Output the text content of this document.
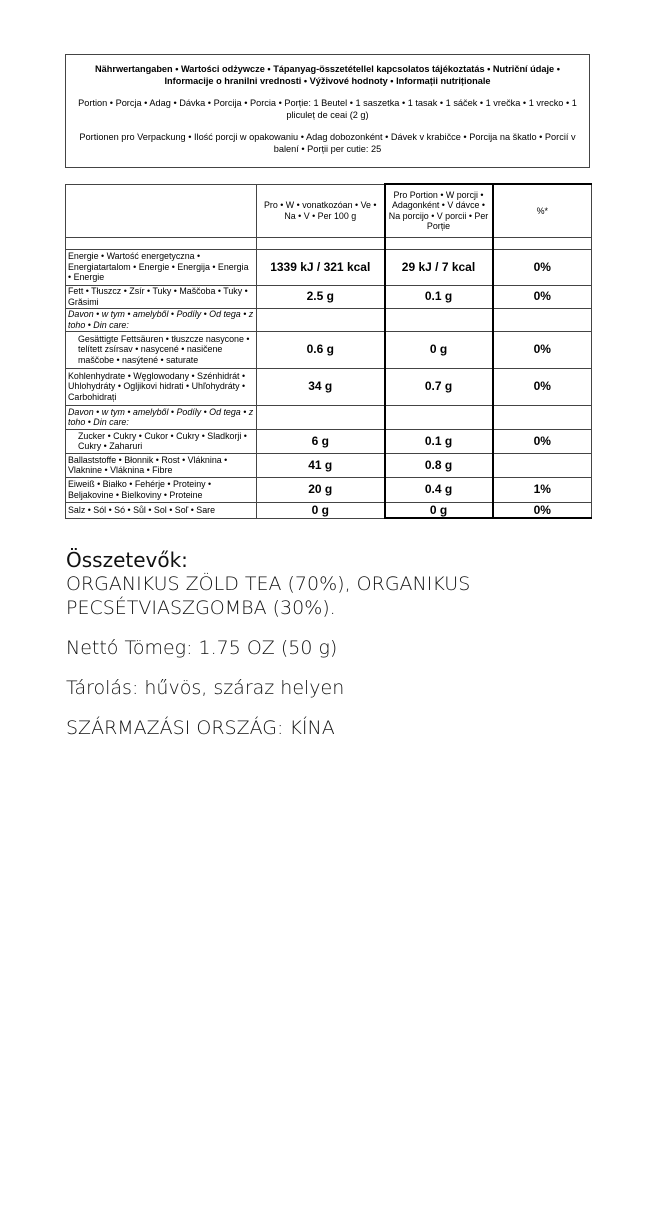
Nährwertangaben • Wartości odżywcze • Tápanyag-összetétellel kapcsolatos tájékoztatás • Nutriční údaje • Informacije o hranilni vrednosti • Výživové hodnoty • Informații nutriționale

Portion • Porcja • Adag • Dávka • Porcija • Porcia • Porție: 1 Beutel • 1 saszetka • 1 tasak • 1 sáček • 1 vrečka • 1 vrecko • 1 pliculeț de ceai (2 g)

Portionen pro Verpackung • Ilość porcji w opakowaniu • Adag dobozonként • Dávek v krabičce • Porcija na škatlo • Porcií v balení • Porții per cutie: 25

	Pro • W • vonatkozóan • Ve • Na • V • Per 100 g	Pro Portion • W porcji • Adagonként • V dávce • Na porcijo • V porcii • Per Porție	%*

Energie • Wartość energetyczna • Energiatartalom • Energie • Energija • Energia • Energie	1339 kJ / 321 kcal	29 kJ / 7 kcal	0%
Fett • Tłuszcz • Zsír • Tuky • Maščoba • Tuky • Grăsimi	2.5 g	0.1 g	0%
Davon • w tym • amelyből • Podíly • Od tega • z toho • Din care:			
Gesättigte Fettsäuren • tłuszcze nasycone • telített zsírsav • nasycené • nasičene maščobe • nasýtené • saturate	0.6 g	0 g	0%
Kohlenhydrate • Węglowodany • Szénhidrát • Uhlohydráty • Ogljikovi hidrati • Uhľohydráty • Carbohidrați	34 g	0.7 g	0%
Davon • w tym • amelyből • Podíly • Od tega • z toho • Din care:			
Zucker • Cukry • Cukor • Cukry • Sladkorji • Cukry • Zaharuri	6 g	0.1 g	0%
Ballaststoffe • Błonnik • Rost • Vláknina • Vlaknine • Vláknina • Fibre	41 g	0.8 g	
Eiweiß • Białko • Fehérje • Proteiny • Beljakovine • Bielkoviny • Proteine	20 g	0.4 g	1%
Salz • Sól • Só • Sůl • Sol • Soľ • Sare	0 g	0 g	0%

Összetevők:

ORGANIKUS ZÖLD TEA (70%), ORGANIKUS PECSÉTVIASZGOMBA (30%).

Nettó Tömeg: 1.75 OZ (50 g)

Tárolás: hűvös, száraz helyen

SZÁRMAZÁSI ORSZÁG: KÍNA
